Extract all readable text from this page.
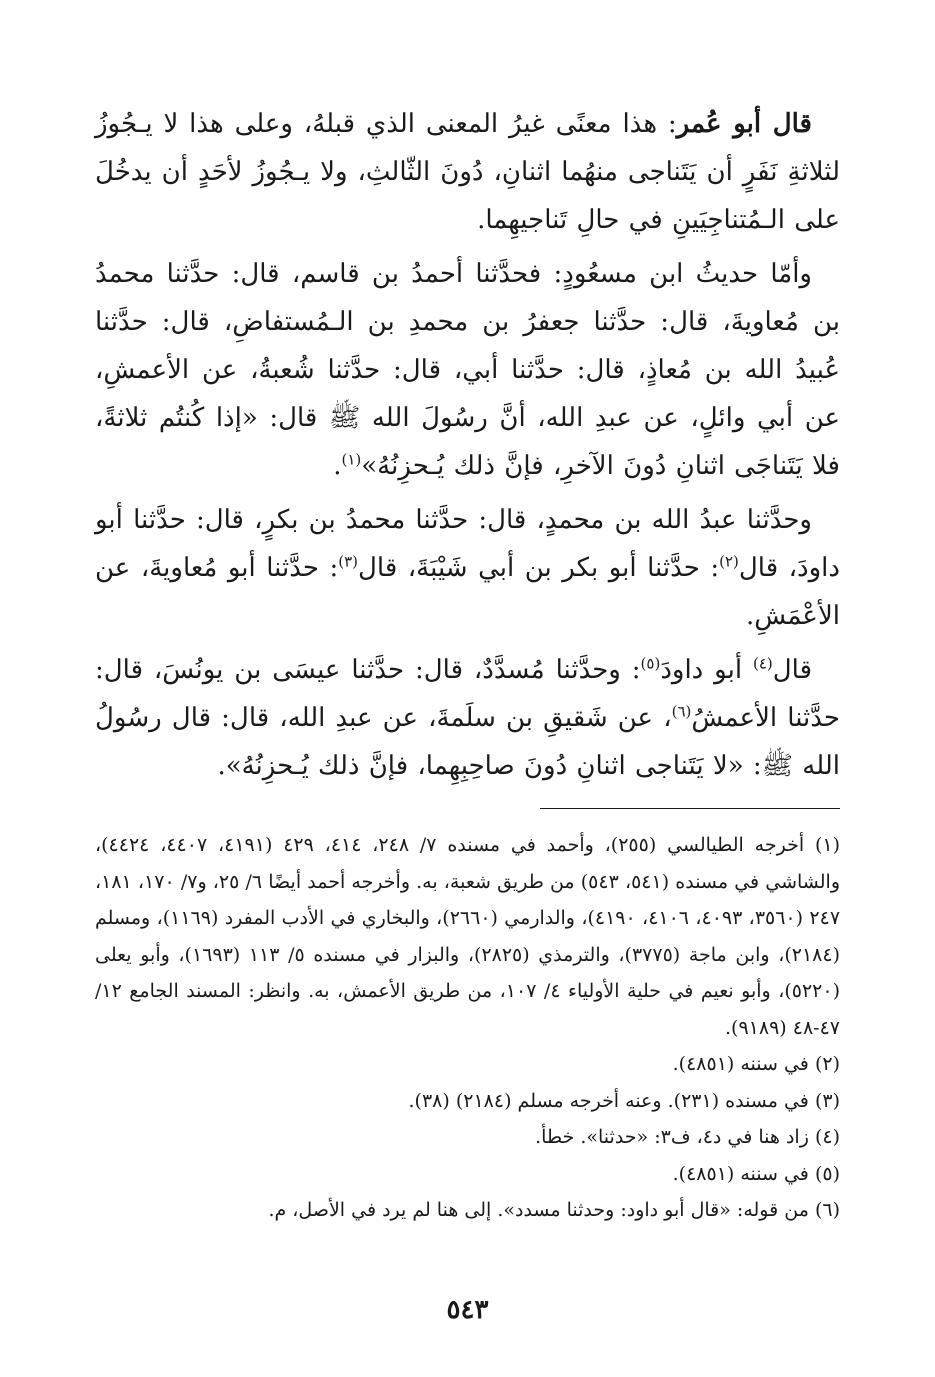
قال أبو عُمر: هذا معنًى غيرُ المعنى الذي قبلهُ، وعلى هذا لا يـجُوزُ لثلاثةِ نَفَرٍ أن يَتَناجى منهُما اثنانِ، دُونَ الثّالثِ، ولا يـجُوزُ لأحَدٍ أن يدخُلَ على الـمُتناجِيَينِ في حالِ تَناجيهِما.

وأمّا حديثُ ابن مسعُودٍ: فحدَّثنا أحمدُ بن قاسم، قال: حدَّثنا محمدُ بن مُعاويةَ، قال: حدَّثنا جعفرُ بن محمدِ بن الـمُستفاضِ، قال: حدَّثنا عُبيدُ الله بن مُعاذٍ، قال: حدَّثنا أبي، قال: حدَّثنا شُعبةُ، عن الأعمشِ، عن أبي وائلٍ، عن عبدِ الله، أنَّ رسُولَ الله ﷺ قال: «إذا كُنتُم ثلاثةً، فلا يَتَناجَى اثنانِ دُونَ الآخرِ، فإنَّ ذلك يُـحزِنُهُ»$^{(١)}$.

وحدَّثنا عبدُ الله بن محمدٍ، قال: حدَّثنا محمدُ بن بكرٍ، قال: حدَّثنا أبو داودَ، قال$^{(٢)}$: حدَّثنا أبو بكر بن أبي شَيْبَةَ، قال$^{(٣)}$: حدَّثنا أبو مُعاويةَ، عن الأعْمَشِ.

قال$^{(٤)}$ أبو داودَ$^{(٥)}$: وحدَّثنا مُسدَّدٌ، قال: حدَّثنا عيسَى بن يونُسَ، قال: حدَّثنا الأعمشُ$^{(٦)}$، عن شَقيقِ بن سلَمةَ، عن عبدِ الله، قال: قال رسُولُ الله ﷺ: «لا يَتَناجى اثنانِ دُونَ صاحِبِهِما، فإنَّ ذلك يُـحزِنُهُ».

(١) أخرجه الطيالسي (٢٥٥)، وأحمد في مسنده ٧/ ٢٤٨، ٤١٤، ٤٢٩ (٤١٩١، ٤٤٠٧، ٤٤٢٤)، والشاشي في مسنده (٥٤١، ٥٤٣) من طريق شعبة، به. وأخرجه أحمد أيضًا ٦/ ٢٥، و٧/ ١٧٠، ١٨١، ٢٤٧ (٣٥٦٠، ٤٠٩٣، ٤١٠٦، ٤١٩٠)، والدارمي (٢٦٦٠)، والبخاري في الأدب المفرد (١١٦٩)، ومسلم (٢١٨٤)، وابن ماجة (٣٧٧٥)، والترمذي (٢٨٢٥)، والبزار في مسنده ٥/ ١١٣ (١٦٩٣)، وأبو يعلى (٥٢٢٠)، وأبو نعيم في حلية الأولياء ٤/ ١٠٧، من طريق الأعمش، به. وانظر: المسند الجامع ١٢/ ٤٧-٤٨ (٩١٨٩).

(٢) في سننه (٤٨٥١).

(٣) في مسنده (٢٣١). وعنه أخرجه مسلم (٢١٨٤) (٣٨).

(٤) زاد هنا في د٤، ف٣: «حدثنا». خطأ.

(٥) في سننه (٤٨٥١).

(٦) من قوله: «قال أبو داود: وحدثنا مسدد». إلى هنا لم يرد في الأصل، م.

٥٤٣
